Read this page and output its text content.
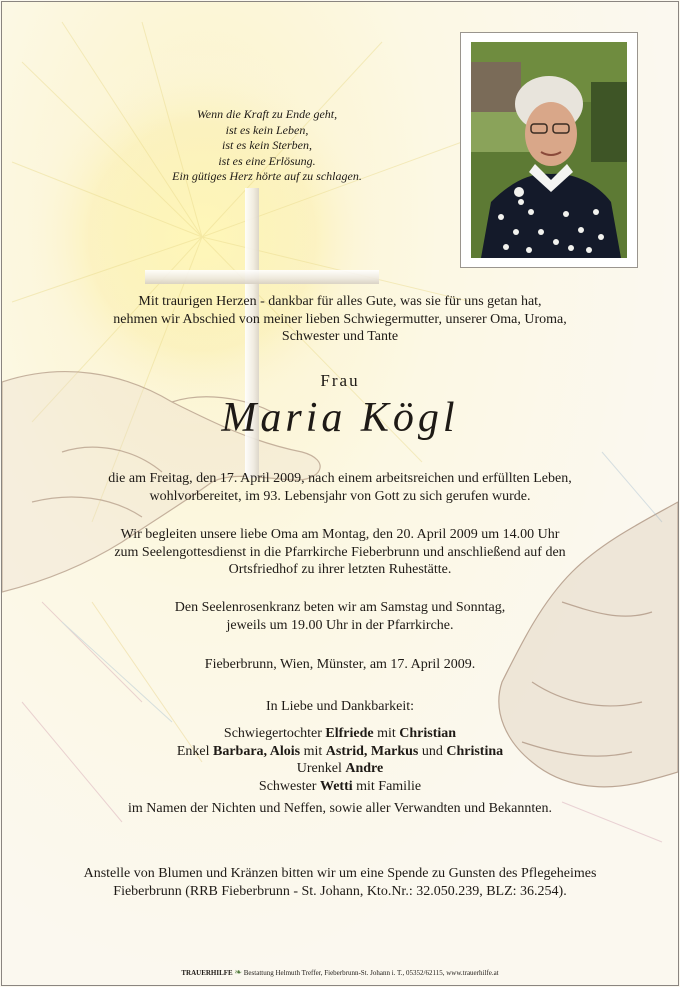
Wenn die Kraft zu Ende geht,
ist es kein Leben,
ist es kein Sterben,
ist es eine Erlösung.
Ein gütiges Herz hörte auf zu schlagen.
Mit traurigen Herzen - dankbar für alles Gute, was sie für uns getan hat,
nehmen wir Abschied von meiner lieben Schwiegermutter, unserer Oma, Uroma,
Schwester und Tante
Frau
Maria Kögl
die am Freitag, den 17. April 2009, nach einem arbeitsreichen und erfüllten Leben,
wohlvorbereitet, im 93. Lebensjahr von Gott zu sich gerufen wurde.
Wir begleiten unsere liebe Oma am Montag, den 20. April 2009 um 14.00 Uhr
zum Seelengottesdienst in die Pfarrkirche Fieberbrunn und anschließend auf den
Ortsfriedhof zu ihrer letzten Ruhestätte.
Den Seelenrosenkranz beten wir am Samstag und Sonntag,
jeweils um 19.00 Uhr in der Pfarrkirche.
Fieberbrunn, Wien, Münster, am 17. April 2009.
In Liebe und Dankbarkeit:
Schwiegertochter Elfriede mit Christian
Enkel Barbara, Alois mit Astrid, Markus und Christina
Urenkel Andre
Schwester Wetti mit Familie
im Namen der Nichten und Neffen, sowie aller Verwandten und Bekannten.
Anstelle von Blumen und Kränzen bitten wir um eine Spende zu Gunsten des Pflegeheimes
Fieberbrunn (RRB Fieberbrunn - St. Johann, Kto.Nr.: 32.050.239, BLZ: 36.254).
TRAUERHILFE ❧ Bestattung Helmuth Treffer, Fieberbrunn-St. Johann i. T., 05352/62115, www.trauerhilfe.at
